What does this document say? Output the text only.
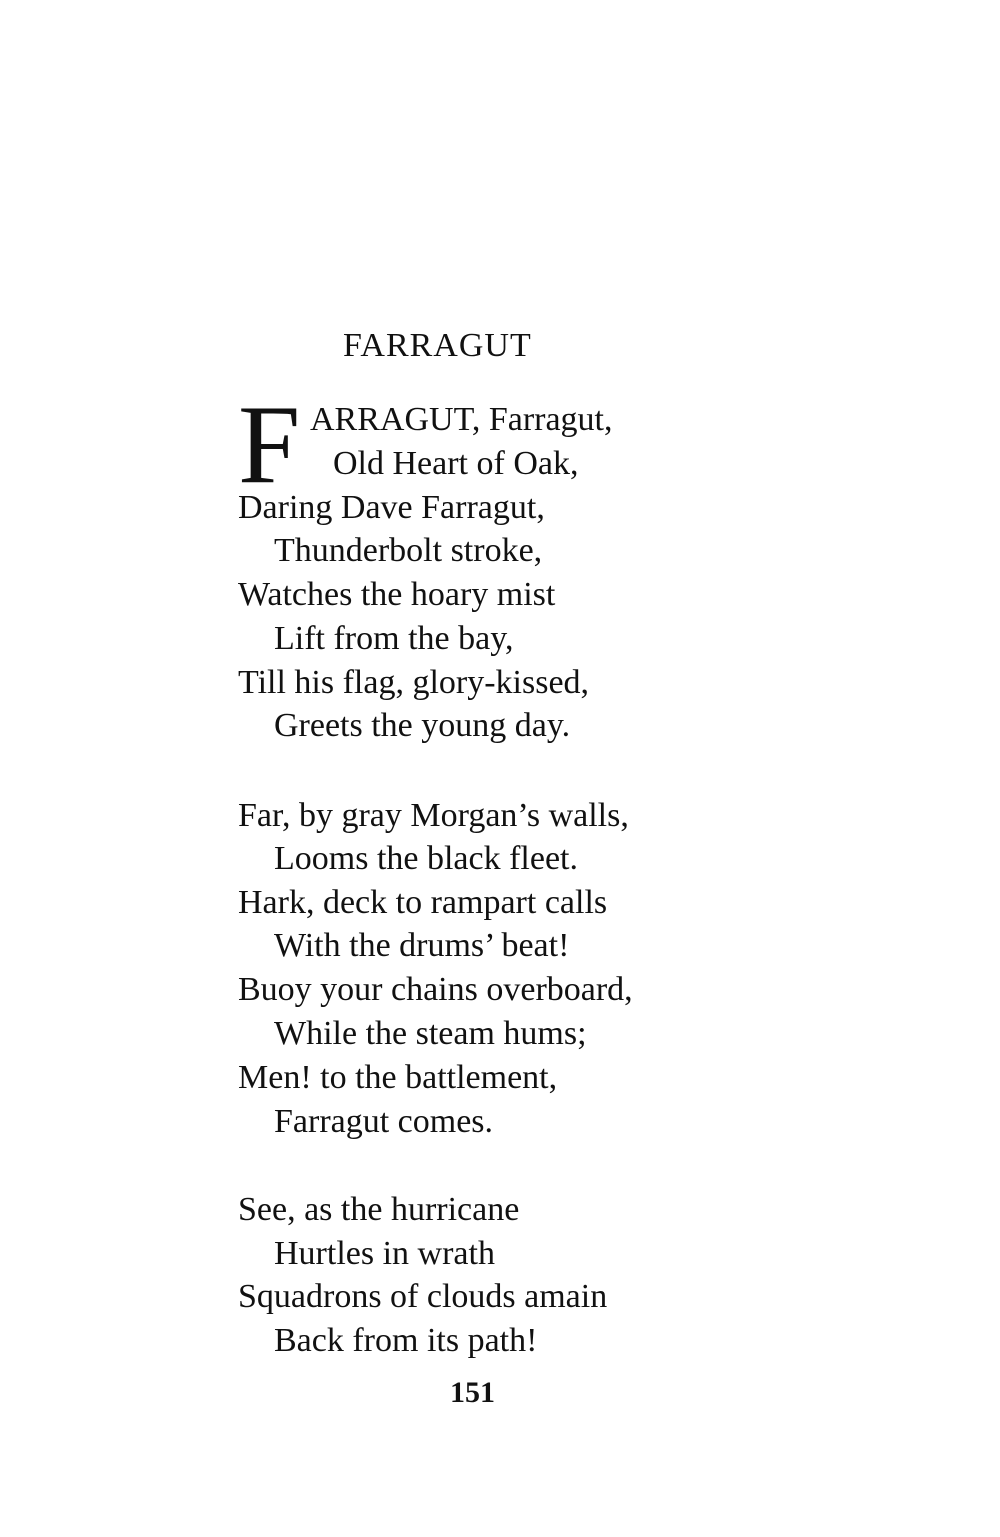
FARRAGUT
F ARRAGUT, Farragut,
Old Heart of Oak,
Daring Dave Farragut,
Thunderbolt stroke,
Watches the hoary mist
Lift from the bay,
Till his flag, glory-kissed,
Greets the young day.
Far, by gray Morgan’s walls,
Looms the black fleet.
Hark, deck to rampart calls
With the drums’ beat!
Buoy your chains overboard,
While the steam hums;
Men! to the battlement,
Farragut comes.
See, as the hurricane
Hurtles in wrath
Squadrons of clouds amain
Back from its path!
151
